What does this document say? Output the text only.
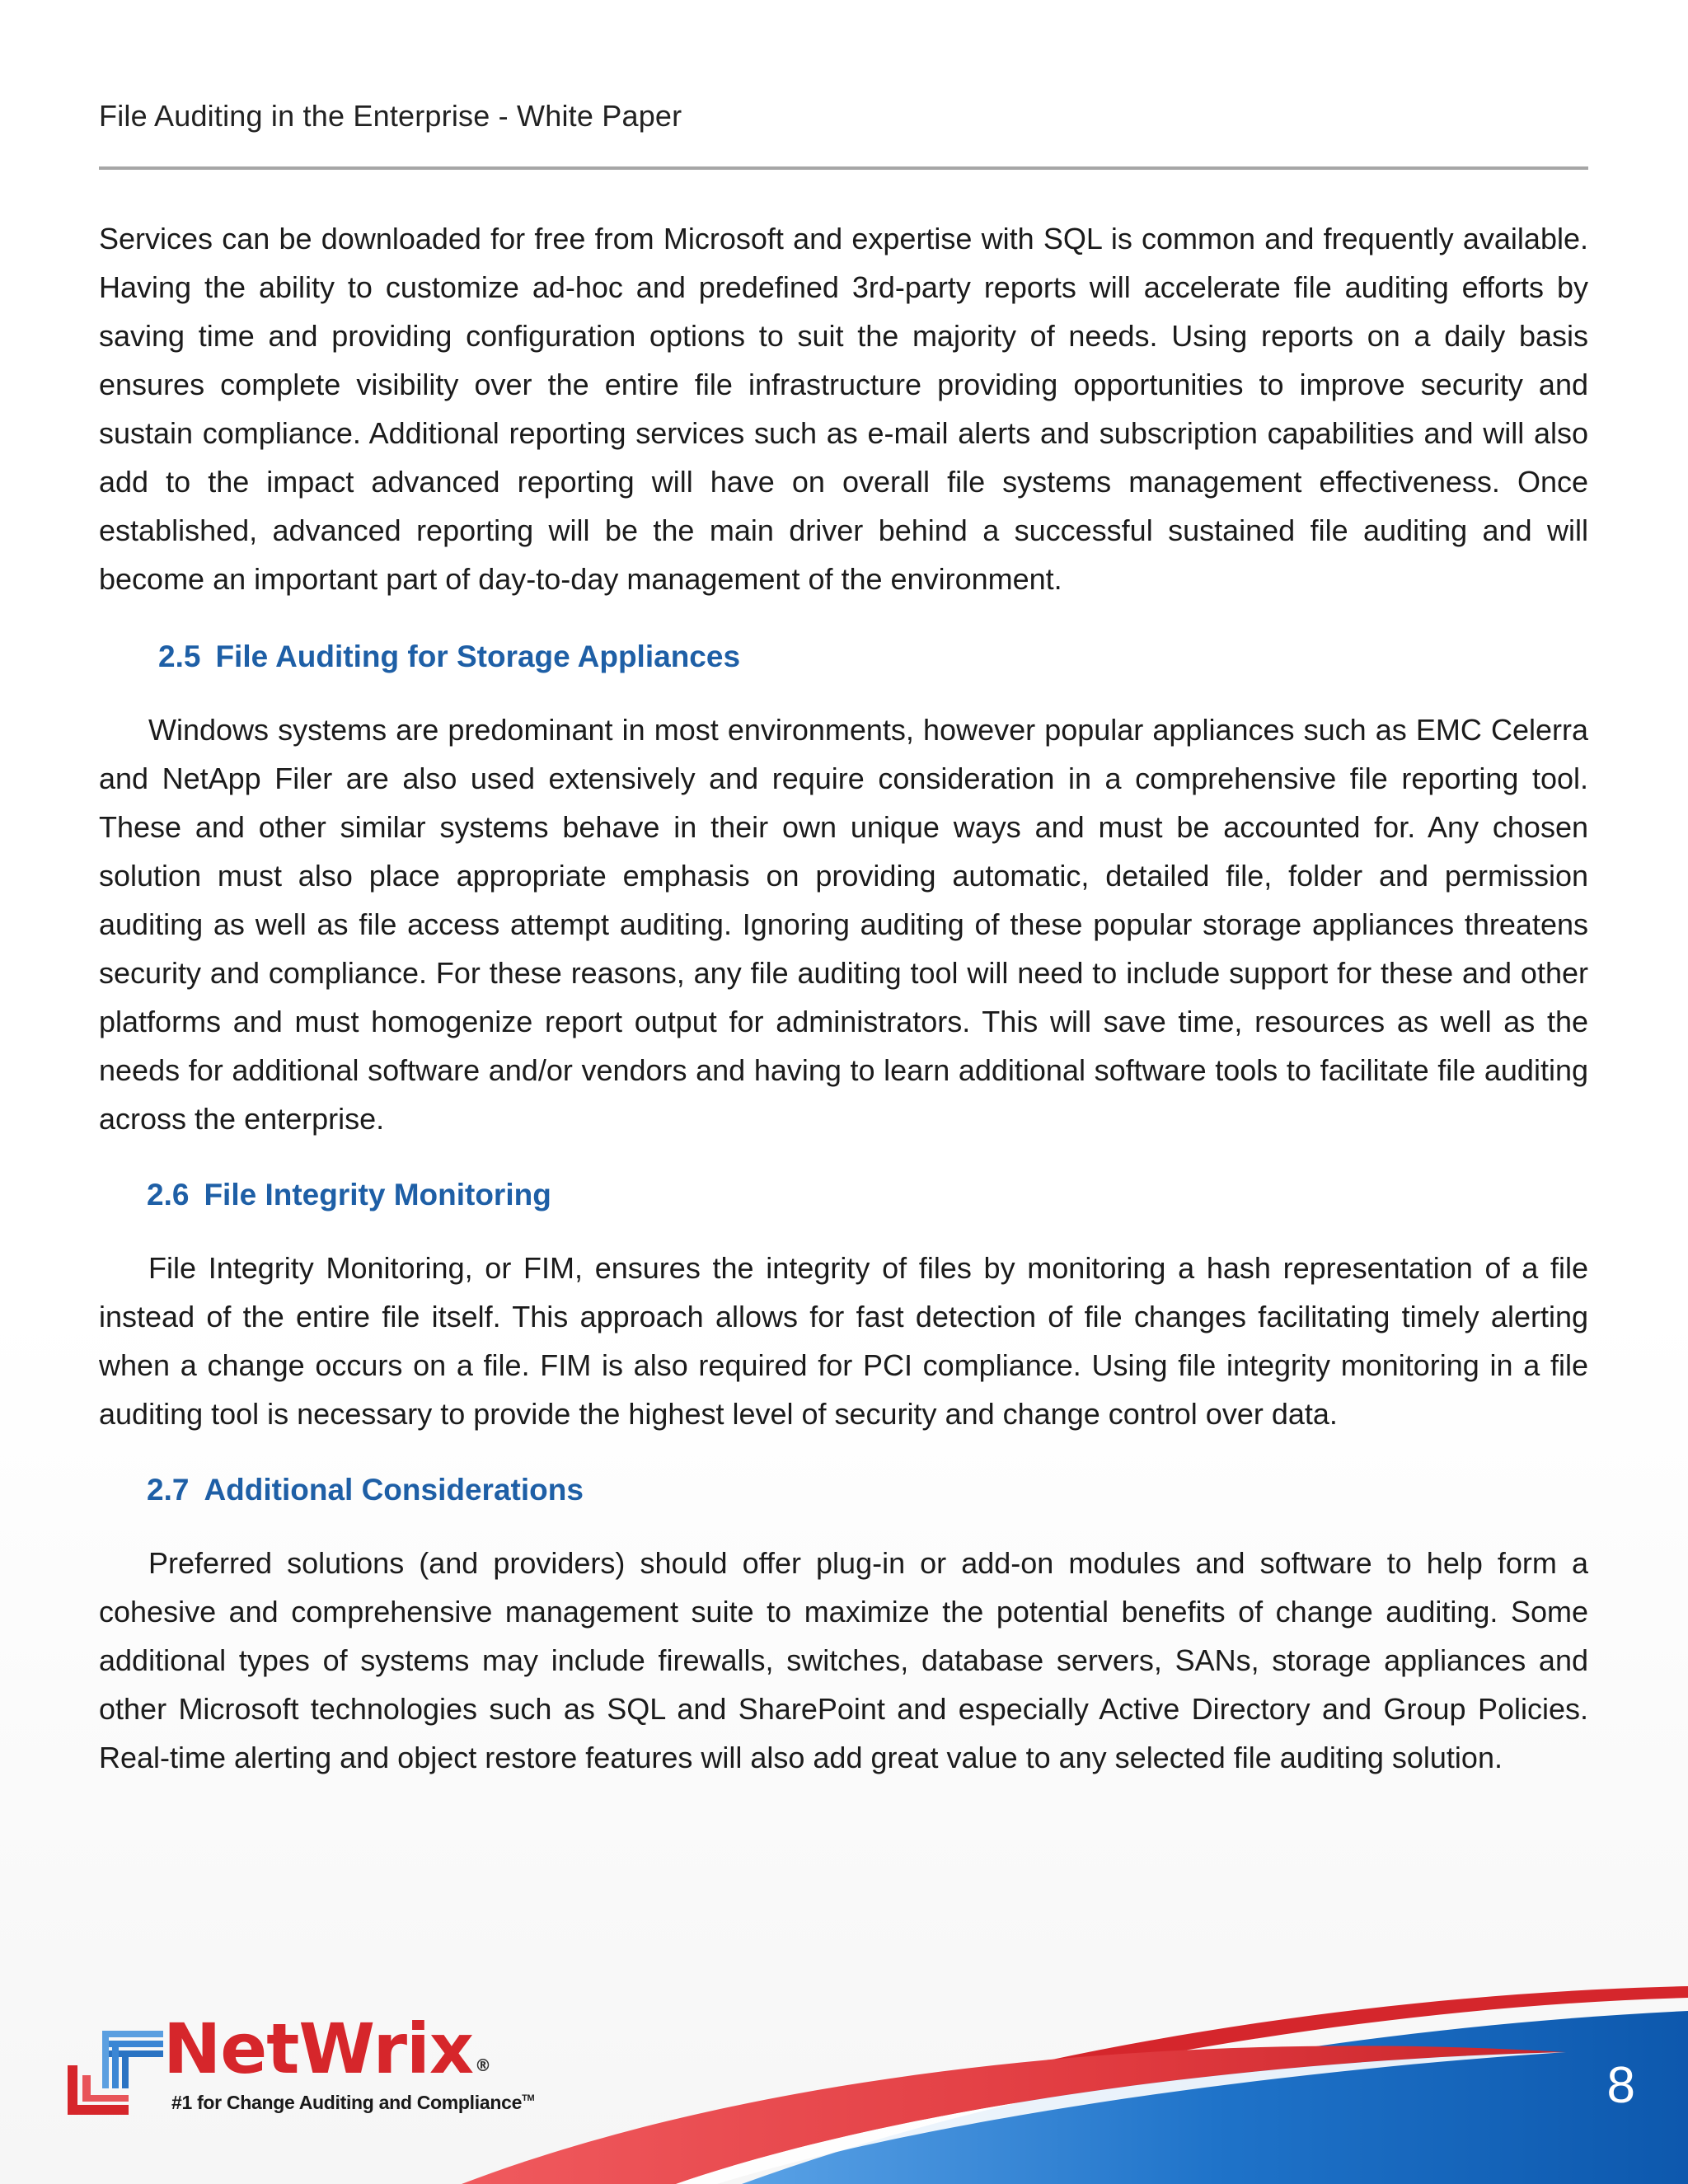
File Auditing in the Enterprise - White Paper

Services can be downloaded for free from Microsoft and expertise with SQL is common and frequently available. Having the ability to customize ad-hoc and predefined 3rd-party reports will accelerate file auditing efforts by saving time and providing configuration options to suit the majority of needs. Using reports on a daily basis ensures complete visibility over the entire file infrastructure providing opportunities to improve security and sustain compliance. Additional reporting services such as e-mail alerts and subscription capabilities and will also add to the impact advanced reporting will have on overall file systems management effectiveness. Once established, advanced reporting will be the main driver behind a successful sustained file auditing and will become an important part of day-to-day management of the environment.

2.5 File Auditing for Storage Appliances

Windows systems are predominant in most environments, however popular appliances such as EMC Celerra and NetApp Filer are also used extensively and require consideration in a comprehensive file reporting tool. These and other similar systems behave in their own unique ways and must be accounted for. Any chosen solution must also place appropriate emphasis on providing automatic, detailed file, folder and permission auditing as well as file access attempt auditing. Ignoring auditing of these popular storage appliances threatens security and compliance. For these reasons, any file auditing tool will need to include support for these and other platforms and must homogenize report output for administrators. This will save time, resources as well as the needs for additional software and/or vendors and having to learn additional software tools to facilitate file auditing across the enterprise.

2.6 File Integrity Monitoring

File Integrity Monitoring, or FIM, ensures the integrity of files by monitoring a hash representation of a file instead of the entire file itself. This approach allows for fast detection of file changes facilitating timely alerting when a change occurs on a file. FIM is also required for PCI compliance. Using file integrity monitoring in a file auditing tool is necessary to provide the highest level of security and change control over data.

2.7 Additional Considerations

Preferred solutions (and providers) should offer plug-in or add-on modules and software to help form a cohesive and comprehensive management suite to maximize the potential benefits of change auditing. Some additional types of systems may include firewalls, switches, database servers, SANs, storage appliances and other Microsoft technologies such as SQL and SharePoint and especially Active Directory and Group Policies. Real-time alerting and object restore features will also add great value to any selected file auditing solution.

NetWrix ®
#1 for Change Auditing and Compliance™	8
